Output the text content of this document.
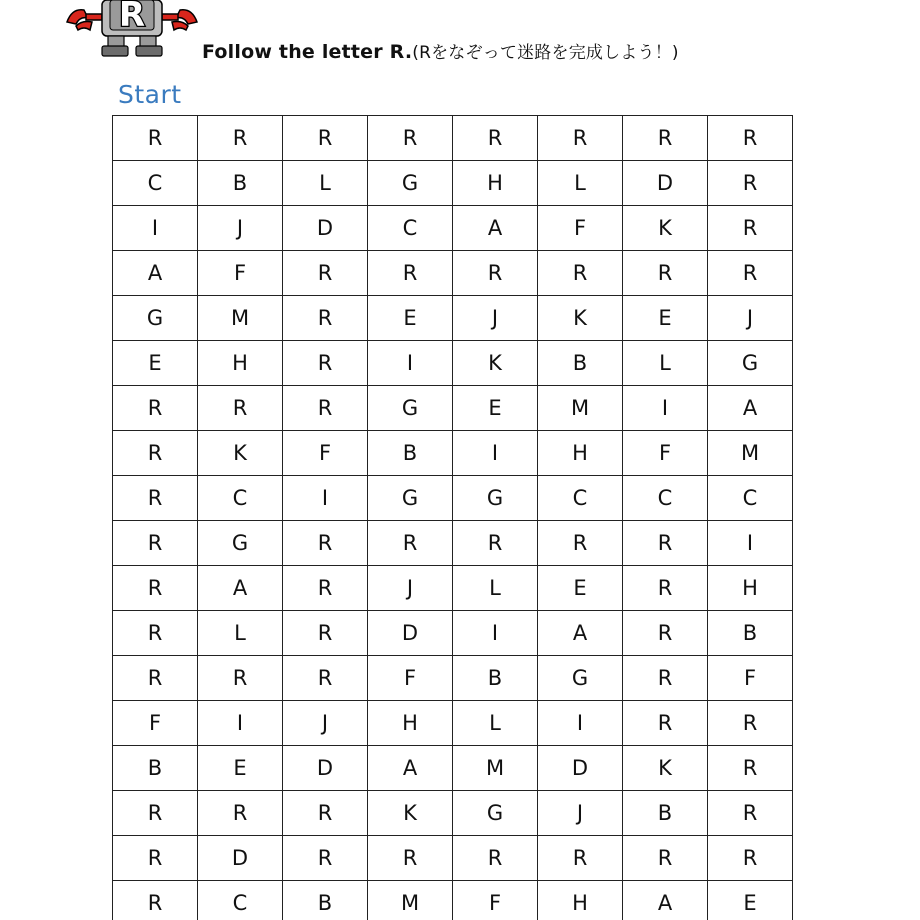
R
Follow the letter R.(Rをなぞって迷路を完成しよう！)
Start
R	R	R	R	R	R	R	R
C	B	L	G	H	L	D	R
I	J	D	C	A	F	K	R
A	F	R	R	R	R	R	R
G	M	R	E	J	K	E	J
E	H	R	I	K	B	L	G
R	R	R	G	E	M	I	A
R	K	F	B	I	H	F	M
R	C	I	G	G	C	C	C
R	G	R	R	R	R	R	I
R	A	R	J	L	E	R	H
R	L	R	D	I	A	R	B
R	R	R	F	B	G	R	F
F	I	J	H	L	I	R	R
B	E	D	A	M	D	K	R
R	R	R	K	G	J	B	R
R	D	R	R	R	R	R	R
R	C	B	M	F	H	A	E
